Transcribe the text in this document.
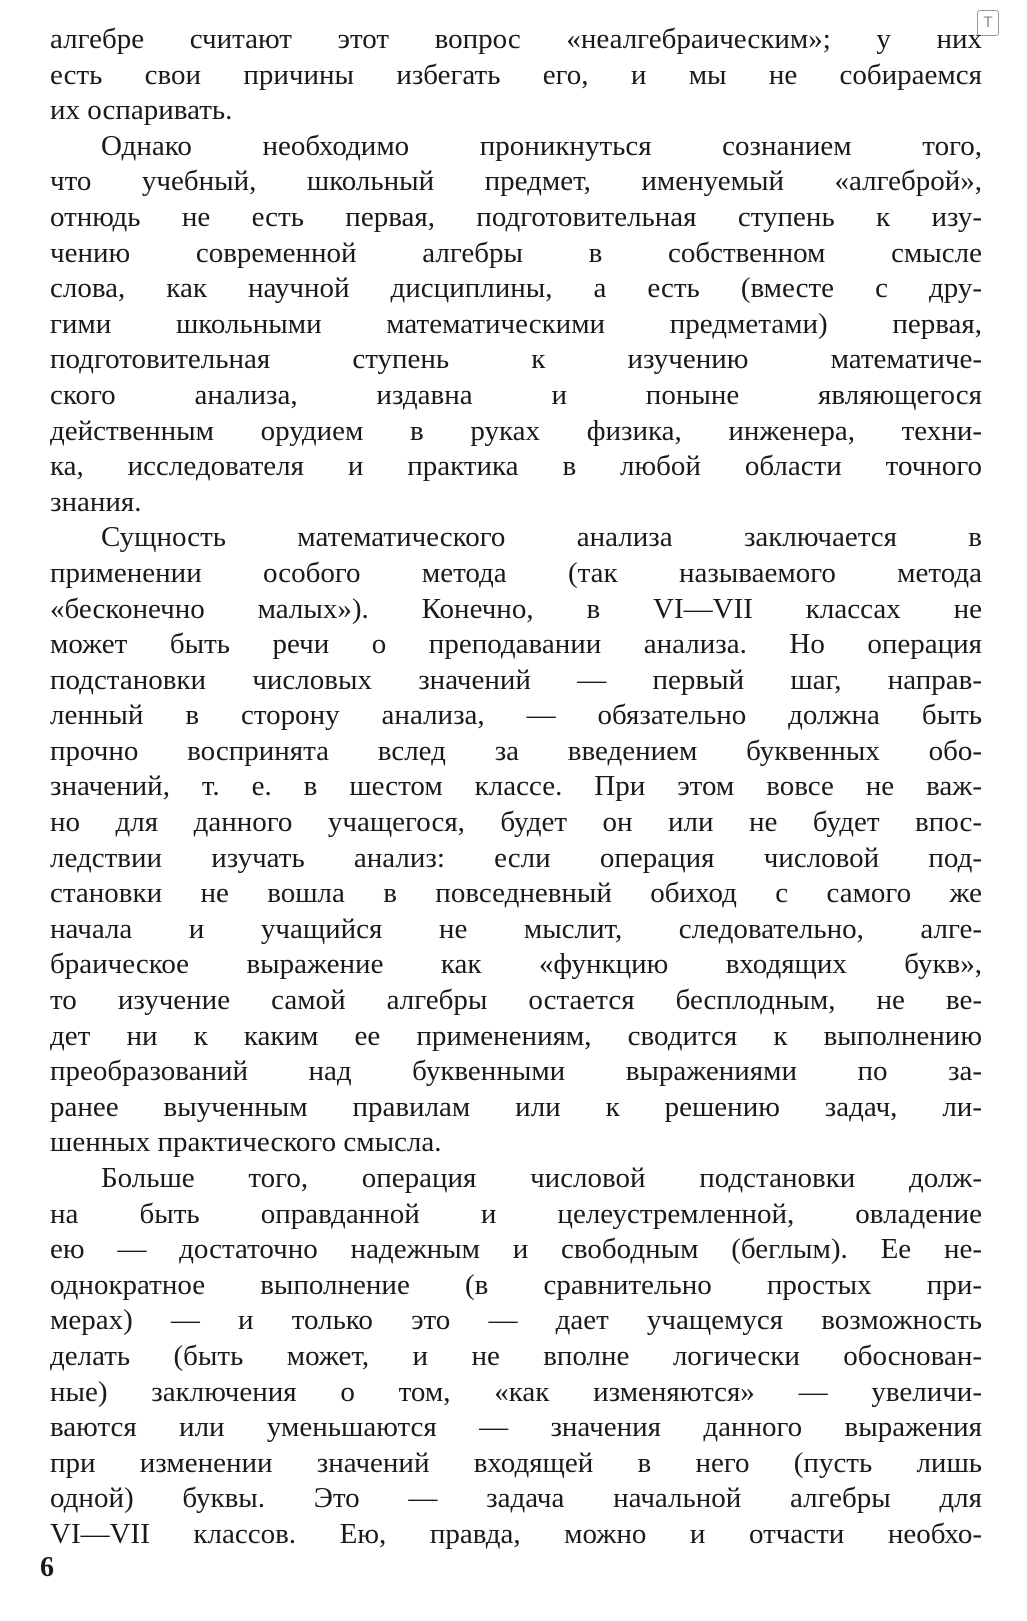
T
алгебре считают этот вопрос «неалгебраическим»; у них
есть свои причины избегать его, и мы не собираемся
их оспаривать.
Однако необходимо проникнуться сознанием того,
что учебный, школьный предмет, именуемый «алгеброй»,
отнюдь не есть первая, подготовительная ступень к изу-
чению современной алгебры в собственном смысле
слова, как научной дисциплины, а есть (вместе с дру-
гими школьными математическими предметами) первая,
подготовительная ступень к изучению математиче-
ского анализа, издавна и поныне являющегося
действенным орудием в руках физика, инженера, техни-
ка, исследователя и практика в любой области точного
знания.
Сущность математического анализа заключается в
применении особого метода (так называемого метода
«бесконечно малых»). Конечно, в VI—VII классах не
может быть речи о преподавании анализа. Но операция
подстановки числовых значений — первый шаг, направ-
ленный в сторону анализа, — обязательно должна быть
прочно воспринята вслед за введением буквенных обо-
значений, т. е. в шестом классе. При этом вовсе не важ-
но для данного учащегося, будет он или не будет впос-
ледствии изучать анализ: если операция числовой под-
становки не вошла в повседневный обиход с самого же
начала и учащийся не мыслит, следовательно, алге-
браическое выражение как «функцию входящих букв»,
то изучение самой алгебры остается бесплодным, не ве-
дет ни к каким ее применениям, сводится к выполнению
преобразований над буквенными выражениями по за-
ранее выученным правилам или к решению задач, ли-
шенных практического смысла.
Больше того, операция числовой подстановки долж-
на быть оправданной и целеустремленной, овладение
ею — достаточно надежным и свободным (беглым). Ее не-
однократное выполнение (в сравнительно простых при-
мерах) — и только это — дает учащемуся возможность
делать (быть может, и не вполне логически обоснован-
ные) заключения о том, «как изменяются» — увеличи-
ваются или уменьшаются — значения данного выражения
при изменении значений входящей в него (пусть лишь
одной) буквы. Это — задача начальной алгебры для
VI—VII классов. Ею, правда, можно и отчасти необхо-
6
